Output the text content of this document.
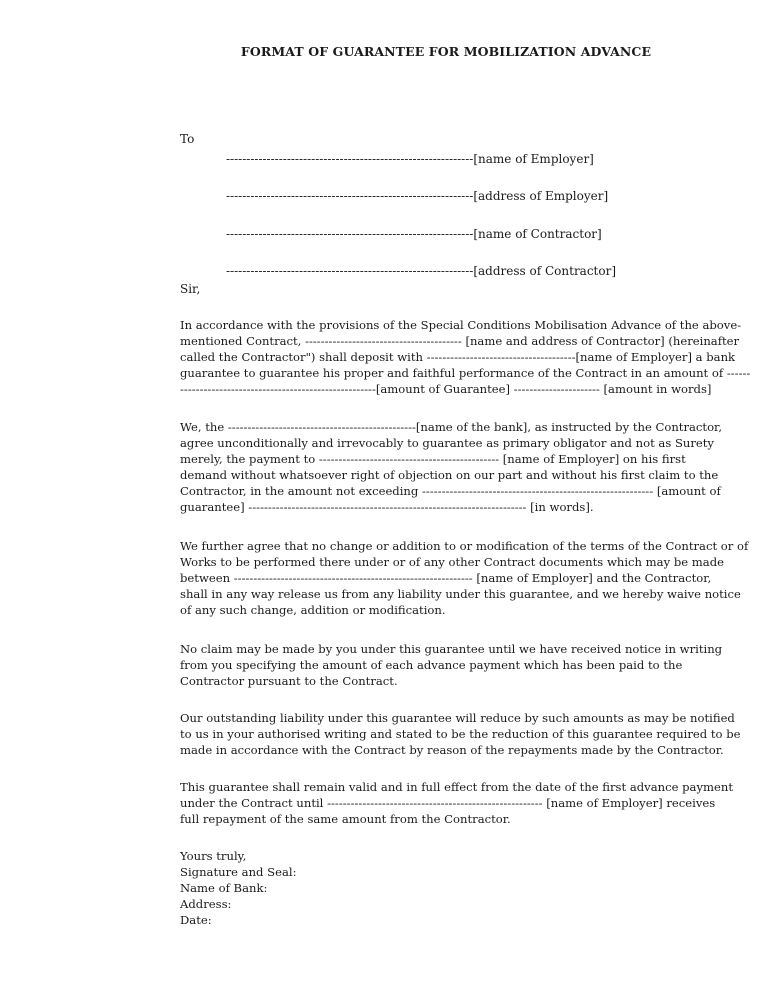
FORMAT OF GUARANTEE FOR MOBILIZATION ADVANCE
To
-------------------------------------------------------------[name of Employer]
-------------------------------------------------------------[address of Employer]
-------------------------------------------------------------[name of Contractor]
-------------------------------------------------------------[address of Contractor]
Sir,

In accordance with the provisions of the Special Conditions Mobilisation Advance of the above-
mentioned Contract, ---------------------------------------- [name and address of Contractor] (hereinafter
called the Contractor") shall deposit with --------------------------------------[name of Employer] a bank
guarantee to guarantee his proper and faithful performance of the Contract in an amount of ------
--------------------------------------------------[amount of Guarantee] ---------------------- [amount in words]

We, the ------------------------------------------------[name of the bank], as instructed by the Contractor,
agree unconditionally and irrevocably to guarantee as primary obligator and not as Surety
merely, the payment to ---------------------------------------------- [name of Employer] on his first
demand without whatsoever right of objection on our part and without his first claim to the
Contractor, in the amount not exceeding ----------------------------------------------------------- [amount of
guarantee] ----------------------------------------------------------------------- [in words].

We further agree that no change or addition to or modification of the terms of the Contract or of
Works to be performed there under or of any other Contract documents which may be made
between ------------------------------------------------------------- [name of Employer] and the Contractor,
shall in any way release us from any liability under this guarantee, and we hereby waive notice
of any such change, addition or modification.

No claim may be made by you under this guarantee until we have received notice in writing
from you specifying the amount of each advance payment which has been paid to the
Contractor pursuant to the Contract.

Our outstanding liability under this guarantee will reduce by such amounts as may be notified
to us in your authorised writing and stated to be the reduction of this guarantee required to be
made in accordance with the Contract by reason of the repayments made by the Contractor.

This guarantee shall remain valid and in full effect from the date of the first advance payment
under the Contract until ------------------------------------------------------- [name of Employer] receives
full repayment of the same amount from the Contractor.

Yours truly,
Signature and Seal:
Name of Bank:
Address:
Date:
